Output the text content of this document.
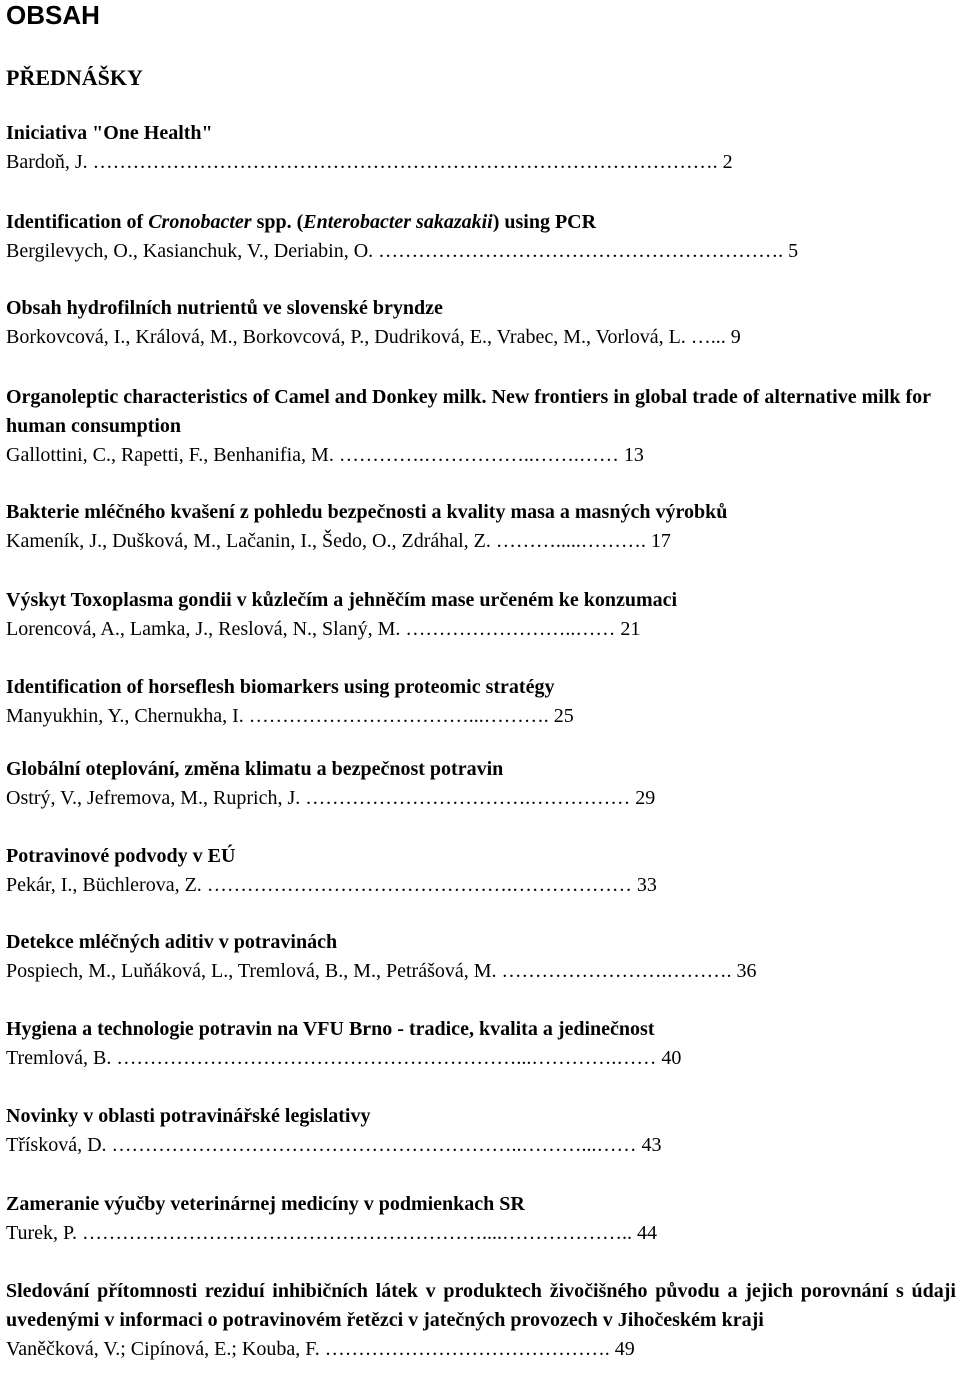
OBSAH
PŘEDNÁŠKY
Iniciativa "One Health"
Bardoň, J. …………………………………………………………………………………. 2
Identification of Cronobacter spp. (Enterobacter sakazakii) using PCR
Bergilevych, O., Kasianchuk, V., Deriabin, O. ……………………………………………………. 5
Obsah hydrofilních nutrientů ve slovenské bryndze
Borkovcová, I., Králová, M., Borkovcová, P., Dudriková, E., Vrabec, M., Vorlová, L. …... 9
Organoleptic characteristics of Camel and Donkey milk. New frontiers in global trade of alternative milk for human consumption
Gallottini, C., Rapetti, F., Benhanifia, M. ………….……………..…….…… 13
Bakterie mléčného kvašení z pohledu bezpečnosti a kvality masa a masných výrobků
Kameník, J., Dušková, M., Lačanin, I., Šedo, O., Zdráhal, Z. ……….....………. 17
Výskyt Toxoplasma gondii v kůzlečím a jehněčím mase určeném ke konzumaci
Lorencová, A., Lamka, J., Reslová, N., Slaný, M. ……………………..…… 21
Identification of horseflesh biomarkers using proteomic stratégy
Manyukhin, Y., Chernukha, I. ……………………………...………. 25
Globální oteplování, změna klimatu a bezpečnost potravin
Ostrý, V., Jefremova, M., Ruprich, J. …………………………….…………… 29
Potravinové podvody v EÚ
Pekár, I., Büchlerova, Z. ……………………………………….……………… 33
Detekce mléčných aditiv v potravinách
Pospiech, M., Luňáková, L., Tremlová, B., M., Petrášová, M. …………………….………. 36
Hygiena a technologie potravin na VFU Brno - tradice, kvalita a jedinečnost
Tremlová, B. ……………………………………………………...………….…… 40
Novinky v oblasti potravinářské legislativy
Třísková, D. ……………………………………………………..………...…… 43
Zameranie výučby veterinárnej medicíny v podmienkach SR
Turek, P. ……………………………………………………....……………….. 44
Sledování přítomnosti reziduí inhibičních látek v produktech živočišného původu a jejich porovnání s údaji uvedenými v informaci o potravinovém řetězci v jatečných provozech v Jihočeském kraji
Vaněčková, V.; Cipínová, E.; Kouba, F. ……………………………………. 49
